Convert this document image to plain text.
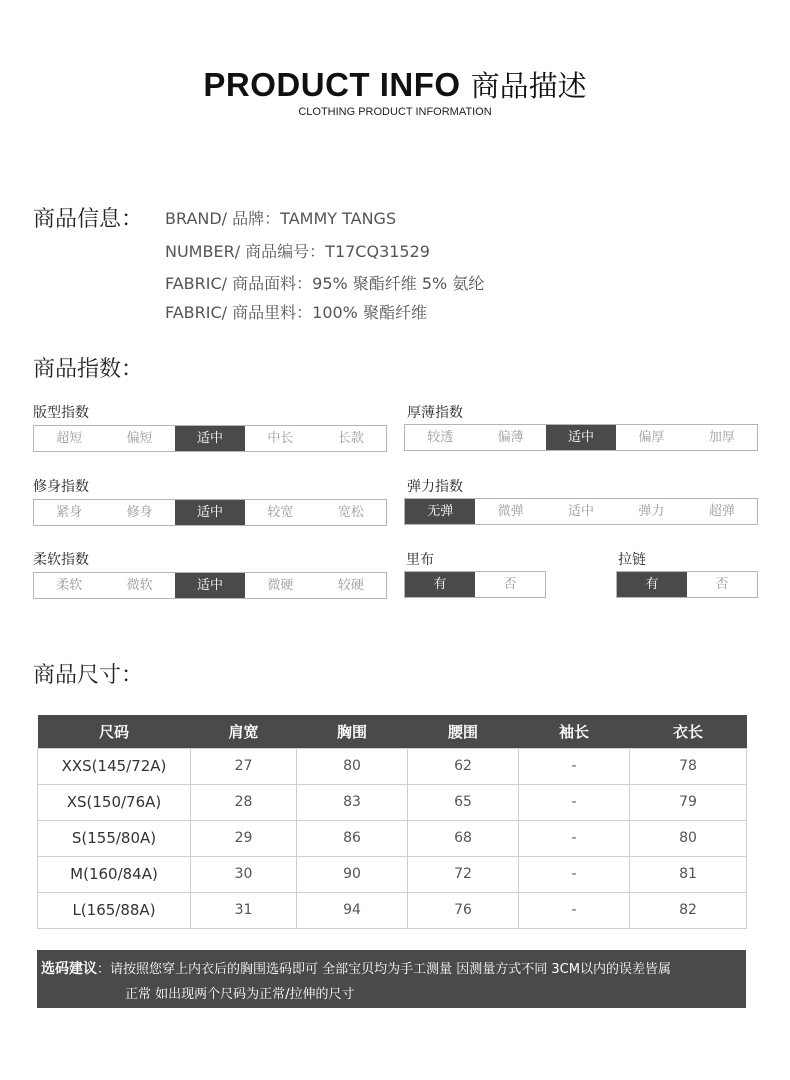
PRODUCT INFO 商品描述
CLOTHING PRODUCT INFORMATION
商品信息： BRAND/ 品牌：TAMMY TANGS
NUMBER/ 商品编号：T17CQ31529
FABRIC/ 商品面料：95% 聚酯纤维 5% 氨纶
FABRIC/ 商品里料：100% 聚酯纤维
商品指数：
版型指数
超短	偏短	适中	中长	长款
厚薄指数
较透	偏薄	适中	偏厚	加厚
修身指数
紧身	修身	适中	较宽	宽松
弹力指数
无弹	微弹	适中	弹力	超弹
柔软指数
柔软	微软	适中	微硬	较硬
里布
有	否
拉链
有	否
商品尺寸：
尺码	肩宽	胸围	腰围	袖长	衣长
XXS(145/72A)	27	80	62	-	78
XS(150/76A)	28	83	65	-	79
S(155/80A)	29	86	68	-	80
M(160/84A)	30	90	72	-	81
L(165/88A)	31	94	76	-	82
选码建议：请按照您穿上内衣后的胸围选码即可 全部宝贝均为手工测量 因测量方式不同 3CM以内的误差皆属
正常 如出现两个尺码为正常/拉伸的尺寸
